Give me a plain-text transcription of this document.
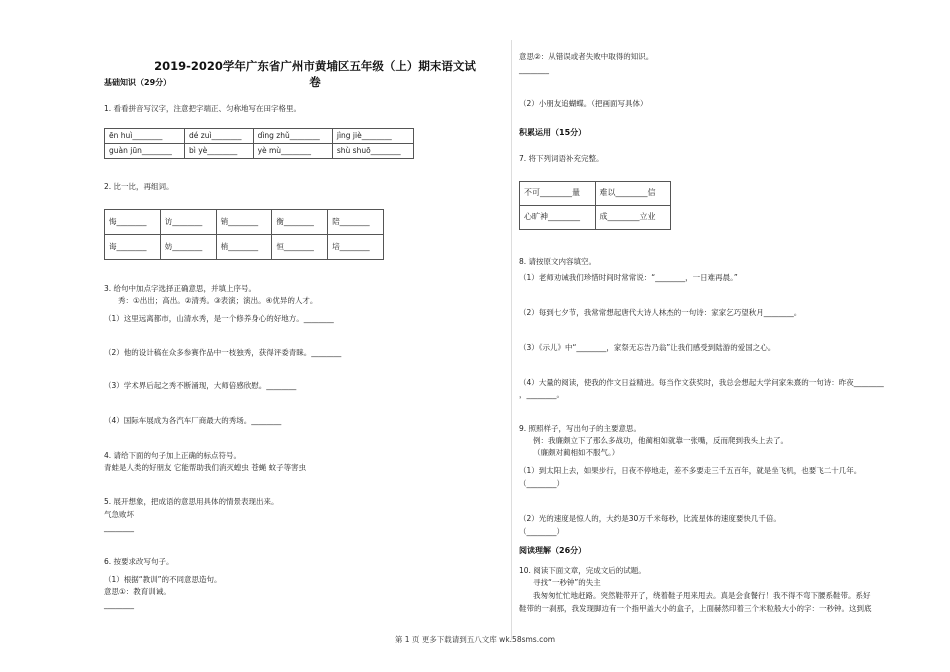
2019-2020学年广东省广州市黄埔区五年级（上）期末语文试卷
基础知识（29分）
1. 看看拼音写汉字，注意把字端正、匀称地写在田字格里。
ēn huì________	dé zuì________	dìng zhǔ________	jìng jiè________
guàn jūn________	bì yè________	yè mù________	shù shuō________
2. 比一比，再组词。
悔________	访________	销________	衡________	陪________
诲________	妨________	梢________	恒________	培________
3. 给句中加点字选择正确意思，并填上序号。
秀：①出出；高出。②清秀。③表演；演出。④优异的人才。
（1）这里远离都市，山清水秀，是一个修养身心的好地方。________
（2）他的设计稿在众多参赛作品中一枝独秀，获得评委青睐。________
（3）学术界后起之秀不断涌现，大师倍感欣慰。________
（4）国际车展成为各汽车厂商最大的秀场。________
4. 请给下面的句子加上正确的标点符号。
青蛙是人类的好朋友 它能帮助我们消灭蝗虫 苍蝇 蚊子等害虫
5. 展开想象，把成语的意思用具体的情景表现出来。
气急败坏
________
6. 按要求改写句子。
（1）根据“教训”的不同意思造句。
意思①：教育训诫。
________
意思②：从错误或者失败中取得的知识。
________
（2）小朋友追蝴蝶。（把画面写具体）
积累运用（15分）
7. 将下列词语补充完整。
不可________量	难以________信
心旷神________	成________立业
8. 请按原文内容填空。
（1）老师劝诫我们珍惜时间时常常说：“________，一日难再晨。”
（2）每到七夕节，我常常想起唐代大诗人林杰的一句诗：家家乞巧望秋月________。
（3）《示儿》中“________，家祭无忘告乃翁”让我们感受到陆游的爱国之心。
（4）大量的阅读，使我的作文日益精进。每当作文获奖时，我总会想起大学问家朱熹的一句诗：昨夜________
，________。
9. 照照样子，写出句子的主要意思。
例：我廉颇立下了那么多战功，他蔺相如就靠一张嘴，反而爬到我头上去了。
（廉颇对蔺相如不服气。）
（1）到太阳上去，如果步行，日夜不停地走，差不多要走三千五百年，就是坐飞机，也要飞二十几年。
（________）
（2）光的速度是惊人的，大约是30万千米每秒，比流星体的速度要快几千倍。
（________）
阅读理解（26分）
10. 阅读下面文章，完成文后的试题。
寻找“一秒钟”的失主
我匆匆忙忙地赶路。突然鞋带开了，绕着鞋子甩来甩去。真是会食餐行！我不得不弯下腰系鞋带。系好
鞋带的一刹那，我发现脚边有一个指甲盖大小的盒子，上面赫然印着三个米粒般大小的字：一秒钟。这到底
第 1 页 更多下载请到五八文库 wk.58sms.com
